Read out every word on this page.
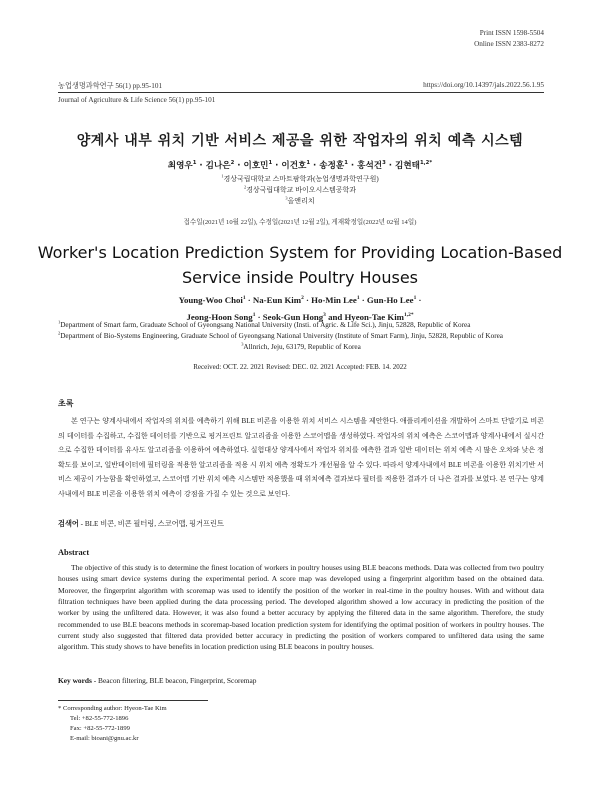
Print ISSN 1598-5504
Online ISSN 2383-8272
농업생명과학연구 56(1) pp.95-101	https://doi.org/10.14397/jals.2022.56.1.95
Journal of Agriculture & Life Science 56(1) pp.95-101
양계사 내부 위치 기반 서비스 제공을 위한 작업자의 위치 예측 시스템
최영우$^1$ · 김나은$^2$ · 이호민$^1$ · 이건호$^1$ · 송정훈$^1$ · 홍석건$^3$ · 김현태$^{1,2*}$
$^1$경상국립대학교 스마트팜학과(농업생명과학연구원)
$^2$경상국립대학교 바이오시스템공학과
$^3$올앤리치
접수일(2021년 10월 22일), 수정일(2021년 12월 2일), 게재확정일(2022년 02월 14일)
Worker's Location Prediction System for Providing Location-Based
Service inside Poultry Houses
Young-Woo Choi$^1$ · Na-Eun Kim$^2$ · Ho-Min Lee$^1$ · Gun-Ho Lee$^1$ ·
Jeong-Hoon Song$^1$ · Seok-Gun Hong$^3$ and Hyeon-Tae Kim$^{1,2*}$
$^1$Department of Smart farm, Graduate School of Gyeongsang National University (Insti. of Agric. & Life Sci.), Jinju, 52828, Republic of Korea
$^2$Department of Bio-Systems Engineering, Graduate School of Gyeongsang National University (Institute of Smart Farm), Jinju, 52828, Republic of Korea
$^3$Allnrich, Jeju, 63179, Republic of Korea
Received: OCT. 22. 2021 Revised: DEC. 02. 2021 Accepted: FEB. 14. 2022
초록
본 연구는 양계사내에서 작업자의 위치를 예측하기 위해 BLE 비콘을 이용한 위치 서비스 시스템을 제안한다. 애플리케이션을 개발하여 스마트 단말기로 비콘의 데이터를 수집하고, 수집한 데이터를 기반으로 핑거프린트 알고리즘을 이용한 스코어맵을 생성하였다. 작업자의 위치 예측은 스코어맵과 양계사내에서 실시간으로 수집한 데이터를 유사도 알고리즘을 이용하여 예측하였다. 실험대상 양계사에서 작업자 위치를 예측한 결과 일반 데이터는 위치 예측 시 많은 오차와 낮은 정확도를 보이고, 일반데이터에 필터링을 적용한 알고리즘을 적용 시 위치 예측 정확도가 개선됨을 알 수 있다. 따라서 양계사내에서 BLE 비콘을 이용한 위치기반 서비스 제공이 가능함을 확인하였고, 스코어맵 기반 위치 예측 시스템만 적용했을 때 위치예측 결과보다 필터를 적용한 결과가 더 나은 결과를 보였다. 본 연구는 양계사내에서 BLE 비콘을 이용한 위치 예측이 강점을 가질 수 있는 것으로 보인다.
검색어 - BLE 비콘, 비콘 필터링, 스코어맵, 핑거프린트
Abstract
The objective of this study is to determine the finest location of workers in poultry houses using BLE beacons methods. Data was collected from two poultry houses using smart device systems during the experimental period. A score map was developed using a fingerprint algorithm based on the obtained data. Moreover, the fingerprint algorithm with scoremap was used to identify the position of the worker in real-time in the poultry houses. With and without data filtration techniques have been applied during the data processing period. The developed algorithm showed a low accuracy in predicting the position of the worker by using the unfiltered data. However, it was also found a better accuracy by applying the filtered data in the same algorithm. Therefore, the study recommended to use BLE beacons methods in scoremap-based location prediction system for identifying the optimal position of workers in poultry houses. The current study also suggested that filtered data provided better accuracy in predicting the position of workers compared to unfiltered data using the same algorithm. This study shows to have benefits in location prediction using BLE beacons in poultry houses.
Key words - Beacon filtering, BLE beacon, Fingerprint, Scoremap
* Corresponding author: Hyeon-Tae Kim
Tel: +82-55-772-1896
Fax: +82-55-772-1899
E-mail: bioani@gnu.ac.kr
